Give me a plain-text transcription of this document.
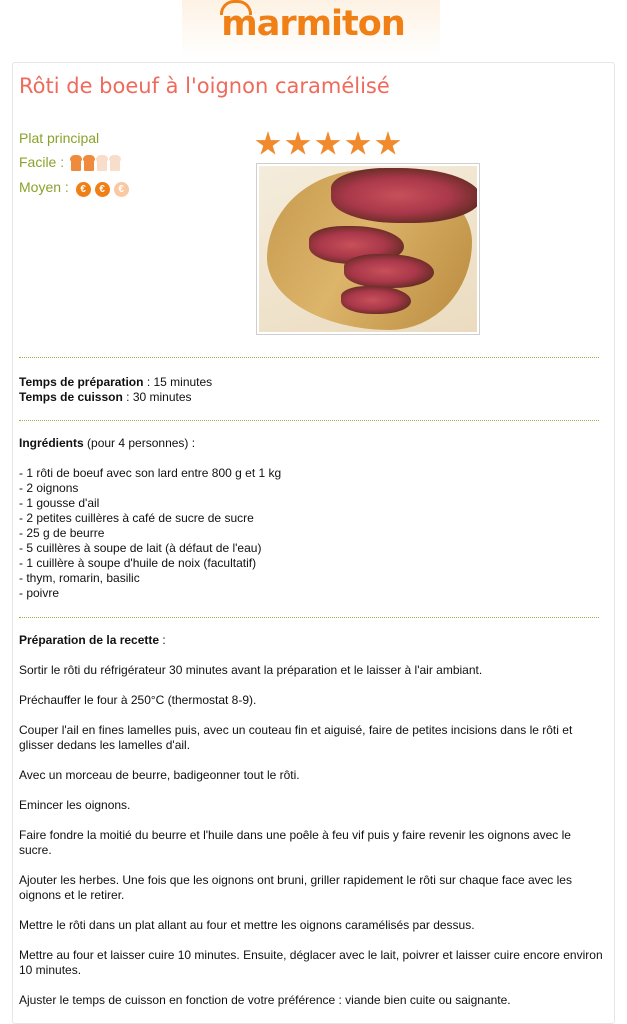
marmiton
Rôti de boeuf à l'oignon caramélisé
Plat principal
Facile :
Moyen : € € €
Temps de préparation : 15 minutes
Temps de cuisson : 30 minutes
Ingrédients (pour 4 personnes) :
- 1 rôti de boeuf avec son lard entre 800 g et 1 kg
- 2 oignons
- 1 gousse d'ail
- 2 petites cuillères à café de sucre de sucre
- 25 g de beurre
- 5 cuillères à soupe de lait (à défaut de l'eau)
- 1 cuillère à soupe d'huile de noix (facultatif)
- thym, romarin, basilic
- poivre
Préparation de la recette :
Sortir le rôti du réfrigérateur 30 minutes avant la préparation et le laisser à l'air ambiant.
Préchauffer le four à 250°C (thermostat 8-9).
Couper l'ail en fines lamelles puis, avec un couteau fin et aiguisé, faire de petites incisions dans le rôti et glisser dedans les lamelles d'ail.
Avec un morceau de beurre, badigeonner tout le rôti.
Emincer les oignons.
Faire fondre la moitié du beurre et l'huile dans une poêle à feu vif puis y faire revenir les oignons avec le sucre.
Ajouter les herbes. Une fois que les oignons ont bruni, griller rapidement le rôti sur chaque face avec les oignons et le retirer.
Mettre le rôti dans un plat allant au four et mettre les oignons caramélisés par dessus.
Mettre au four et laisser cuire 10 minutes. Ensuite, déglacer avec le lait, poivrer et laisser cuire encore environ 10 minutes.
Ajuster le temps de cuisson en fonction de votre préférence : viande bien cuite ou saignante.
